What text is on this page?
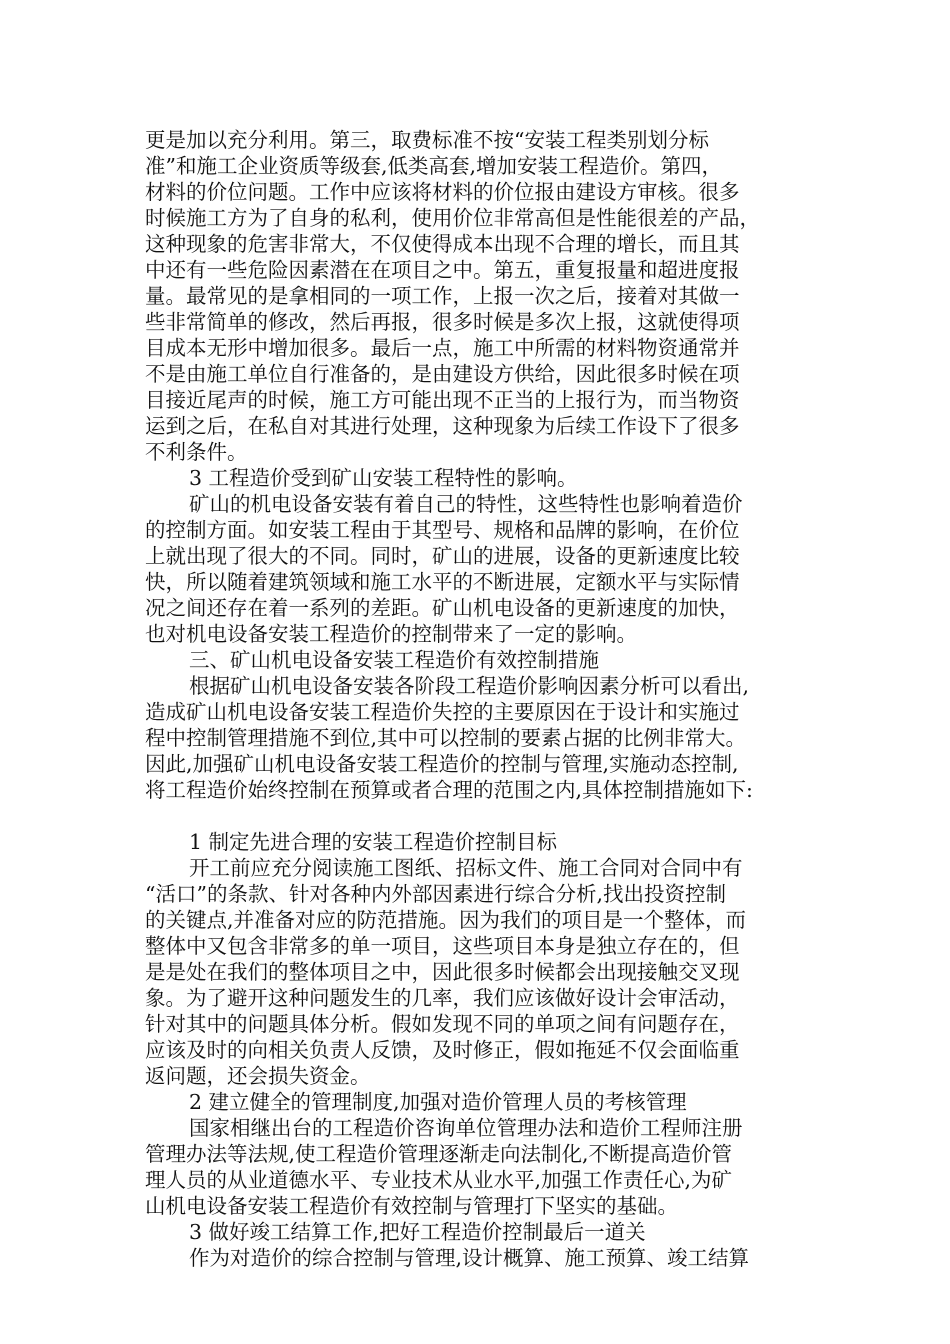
更是加以充分利用。第三，取费标准不按“安装工程类别划分标
准”和施工企业资质等级套,低类高套,增加安装工程造价。第四，
材料的价位问题。工作中应该将材料的价位报由建设方审核。很多
时候施工方为了自身的私利，使用价位非常高但是性能很差的产品，
这种现象的危害非常大，不仅使得成本出现不合理的增长，而且其
中还有一些危险因素潜在在项目之中。第五，重复报量和超进度报
量。最常见的是拿相同的一项工作，上报一次之后，接着对其做一
些非常简单的修改，然后再报，很多时候是多次上报，这就使得项
目成本无形中增加很多。最后一点，施工中所需的材料物资通常并
不是由施工单位自行准备的，是由建设方供给，因此很多时候在项
目接近尾声的时候，施工方可能出现不正当的上报行为，而当物资
运到之后，在私自对其进行处理，这种现象为后续工作设下了很多
不利条件。
3 工程造价受到矿山安装工程特性的影响。
矿山的机电设备安装有着自己的特性，这些特性也影响着造价
的控制方面。如安装工程由于其型号、规格和品牌的影响，在价位
上就出现了很大的不同。同时，矿山的进展，设备的更新速度比较
快，所以随着建筑领域和施工水平的不断进展，定额水平与实际情
况之间还存在着一系列的差距。矿山机电设备的更新速度的加快，
也对机电设备安装工程造价的控制带来了一定的影响。
三、矿山机电设备安装工程造价有效控制措施
根据矿山机电设备安装各阶段工程造价影响因素分析可以看出,
造成矿山机电设备安装工程造价失控的主要原因在于设计和实施过
程中控制管理措施不到位,其中可以控制的要素占据的比例非常大。
因此,加强矿山机电设备安装工程造价的控制与管理,实施动态控制,
将工程造价始终控制在预算或者合理的范围之内,具体控制措施如下:
1 制定先进合理的安装工程造价控制目标
开工前应充分阅读施工图纸、招标文件、施工合同对合同中有
“活口”的条款、针对各种内外部因素进行综合分析,找出投资控制
的关键点,并准备对应的防范措施。因为我们的项目是一个整体，而
整体中又包含非常多的单一项目，这些项目本身是独立存在的，但
是是处在我们的整体项目之中，因此很多时候都会出现接触交叉现
象。为了避开这种问题发生的几率，我们应该做好设计会审活动，
针对其中的问题具体分析。假如发现不同的单项之间有问题存在，
应该及时的向相关负责人反馈，及时修正，假如拖延不仅会面临重
返问题，还会损失资金。
2 建立健全的管理制度,加强对造价管理人员的考核管理
国家相继出台的工程造价咨询单位管理办法和造价工程师注册
管理办法等法规,使工程造价管理逐渐走向法制化,不断提高造价管
理人员的从业道德水平、专业技术从业水平,加强工作责任心,为矿
山机电设备安装工程造价有效控制与管理打下坚实的基础。
3 做好竣工结算工作,把好工程造价控制最后一道关
作为对造价的综合控制与管理,设计概算、施工预算、竣工结算
